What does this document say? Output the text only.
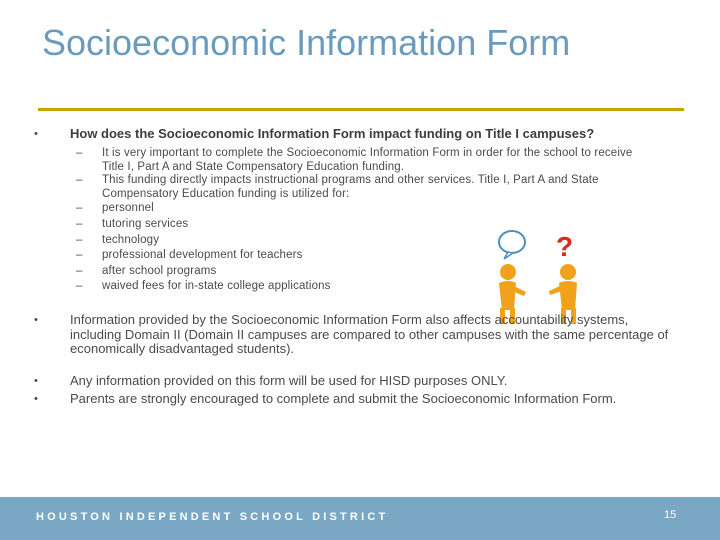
Socioeconomic Information Form
•	How does the Socioeconomic Information Form impact funding on Title I campuses?
–	It is very important to complete the Socioeconomic Information Form in order for the school to receive Title I, Part A and State Compensatory Education funding.
–	This funding directly impacts instructional programs and other services. Title I, Part A and State Compensatory Education funding is utilized for:
–	personnel
–	tutoring services
–	technology
–	professional development for teachers
–	after school programs
–	waived fees for in-state college applications
?
•	Information provided by the Socioeconomic Information Form also affects accountability systems, including Domain II (Domain II campuses are compared to other campuses with the same percentage of economically disadvantaged students).
•	Any information provided on this form will be used for HISD purposes ONLY.
•	Parents are strongly encouraged to complete and submit the Socioeconomic Information Form.
HOUSTON INDEPENDENT SCHOOL DISTRICT	15
